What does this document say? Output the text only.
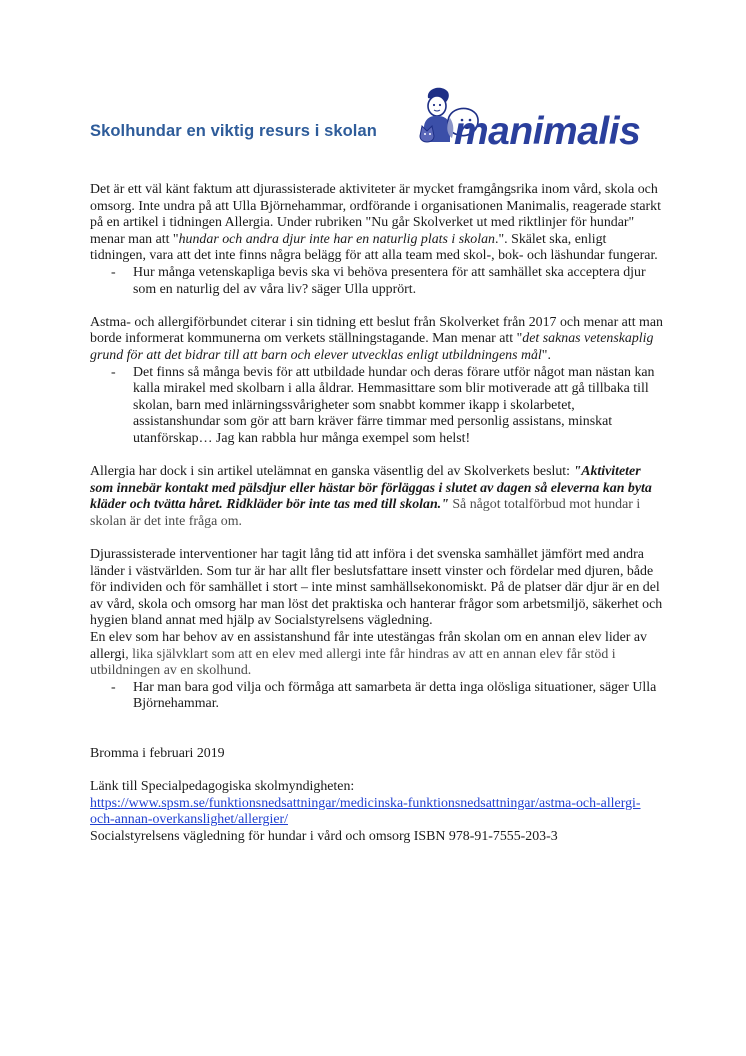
Skolhundar en viktig resurs i skolan manimalis

Det är ett väl känt faktum att djurassisterade aktiviteter är mycket framgångsrika inom vård, skola och omsorg. Inte undra på att Ulla Björnehammar, ordförande i organisationen Manimalis, reagerade starkt på en artikel i tidningen Allergia. Under rubriken "Nu går Skolverket ut med riktlinjer för hundar" menar man att "hundar och andra djur inte har en naturlig plats i skolan.". Skälet ska, enligt tidningen, vara att det inte finns några belägg för att alla team med skol-, bok- och läshundar fungerar.

- Hur många vetenskapliga bevis ska vi behöva presentera för att samhället ska acceptera djur som en naturlig del av våra liv? säger Ulla upprört.

Astma- och allergiförbundet citerar i sin tidning ett beslut från Skolverket från 2017 och menar att man borde informerat kommunerna om verkets ställningstagande. Man menar att "det saknas vetenskaplig grund för att det bidrar till att barn och elever utvecklas enligt utbildningens mål".

- Det finns så många bevis för att utbildade hundar och deras förare utför något man nästan kan kalla mirakel med skolbarn i alla åldrar. Hemmasittare som blir motiverade att gå tillbaka till skolan, barn med inlärningssvårigheter som snabbt kommer ikapp i skolarbetet, assistanshundar som gör att barn kräver färre timmar med personlig assistans, minskat utanförskap… Jag kan rabbla hur många exempel som helst!

Allergia har dock i sin artikel utelämnat en ganska väsentlig del av Skolverkets beslut: "Aktiviteter som innebär kontakt med pälsdjur eller hästar bör förläggas i slutet av dagen så eleverna kan byta kläder och tvätta håret. Ridkläder bör inte tas med till skolan." Så något totalförbud mot hundar i skolan är det inte fråga om.

Djurassisterade interventioner har tagit lång tid att införa i det svenska samhället jämfört med andra länder i västvärlden. Som tur är har allt fler beslutsfattare insett vinster och fördelar med djuren, både för individen och för samhället i stort – inte minst samhällsekonomiskt. På de platser där djur är en del av vård, skola och omsorg har man löst det praktiska och hanterar frågor som arbetsmiljö, säkerhet och hygien bland annat med hjälp av Socialstyrelsens vägledning.

En elev som har behov av en assistanshund får inte utestängas från skolan om en annan elev lider av allergi, lika självklart som att en elev med allergi inte får hindras av att en annan elev får stöd i utbildningen av en skolhund.

- Har man bara god vilja och förmåga att samarbeta är detta inga olösliga situationer, säger Ulla Björnehammar.

Bromma i februari 2019

Länk till Specialpedagogiska skolmyndigheten:

https://www.spsm.se/funktionsnedsattningar/medicinska-funktionsnedsattningar/astma-och-allergi-och-annan-overkanslighet/allergier/

Socialstyrelsens vägledning för hundar i vård och omsorg ISBN 978-91-7555-203-3
